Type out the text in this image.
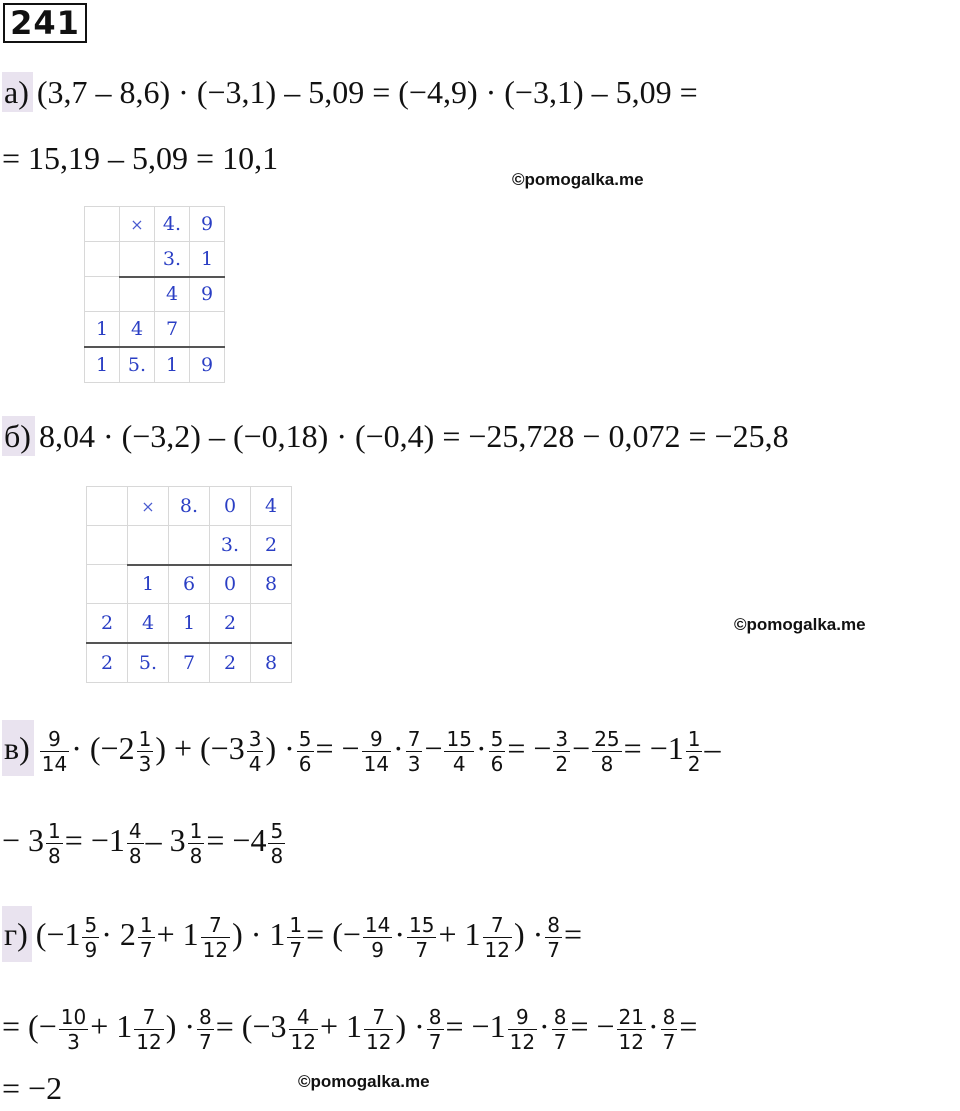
241
а) (3,7 – 8,6) · (−3,1) – 5,09 = (−4,9) · (−3,1) – 5,09 =
= 15,19 – 5,09 = 10,1
©pomogalka.me
	×	4.	9
		3.	1
		4	9
1	4	7	
1	5.	1	9
б) 8,04 · (−3,2) – (−0,18) · (−0,4) = −25,728 − 0,072 = −25,8
	×	8.	0	4
			3.	2
	1	6	0	8
2	4	1	2	
2	5.	7	2	8
©pomogalka.me
$в) \frac{9}{14} \cdot (-2 \frac{1}{3}$ ) + ($-3 \frac{3}{4}$ ) · $\frac{5}{6}$ = − $\frac{9}{14} \cdot \frac{7}{3} - \frac{15}{4} \cdot \frac{5}{6}$ = − $\frac{3}{2} - \frac{25}{8} = -1 \frac{1}{2}$ –
− $3 \frac{1}{8} = -1 \frac{4}{8} - 3 \frac{1}{8} = -4 \frac{5}{8}$
г) ($-1 \frac{5}{9} \cdot 2 \frac{1}{7} + 1 \frac{7}{12}$ ) · $1 \frac{1}{7}$ = (− $\frac{14}{9} \cdot \frac{15}{7} + 1 \frac{7}{12}$ ) · $\frac{8}{7}$ =
= (− $\frac{10}{3} + 1 \frac{7}{12}$ ) · $\frac{8}{7} = (-3 \frac{4}{12} + 1 \frac{7}{12}$ ) · $\frac{8}{7} = -1 \frac{9}{12} \cdot \frac{8}{7}$ = − $\frac{21}{12} \cdot \frac{8}{7}$ =
= −2	©pomogalka.me
